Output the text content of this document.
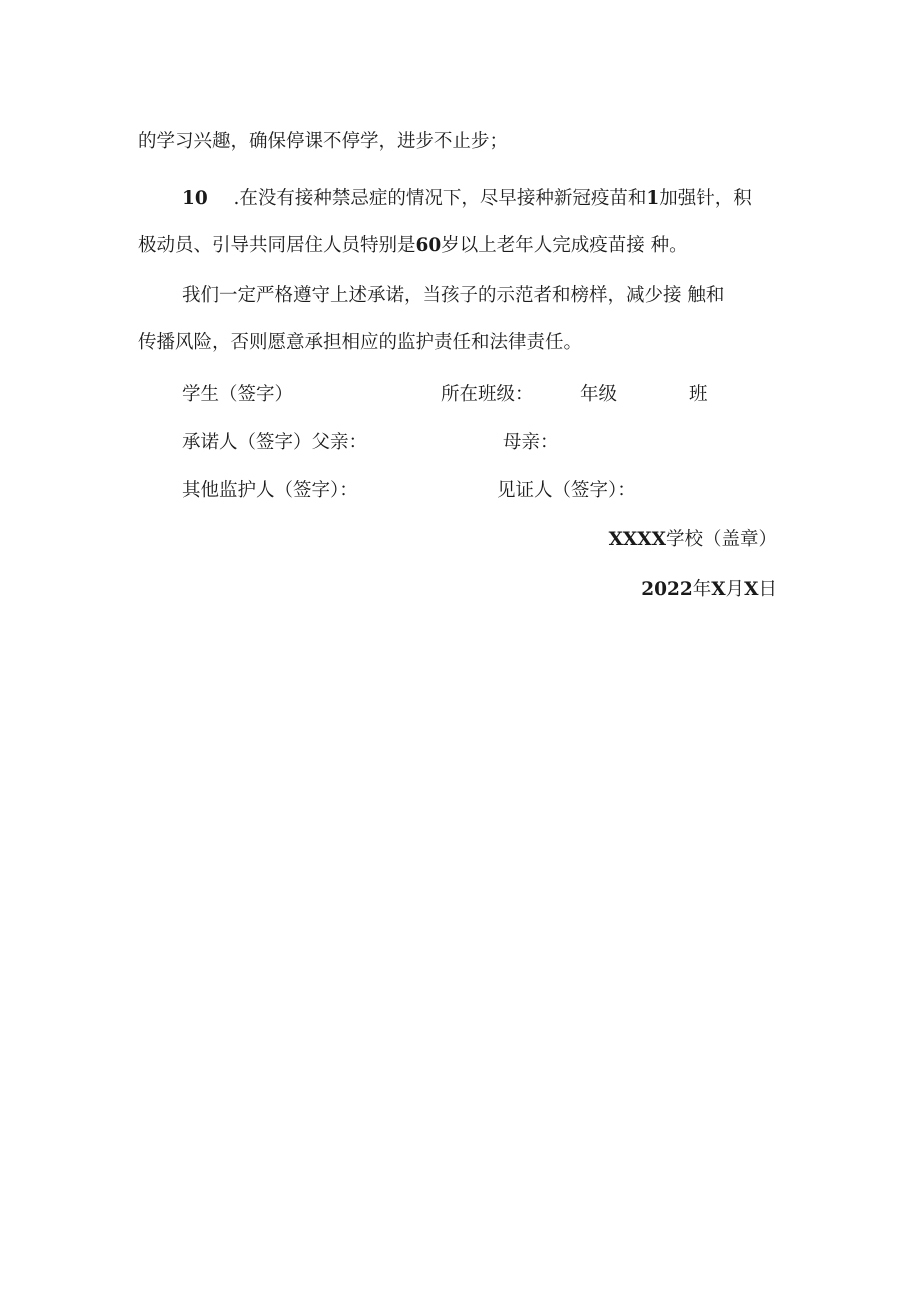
的学习兴趣，确保停课不停学，进步不止步；
10 .在没有接种禁忌症的情况下，尽早接种新冠疫苗和1加强针，积
极动员、引导共同居住人员特别是60岁以上老年人完成疫苗接 种。
我们一定严格遵守上述承诺，当孩子的示范者和榜样，减少接 触和
传播风险，否则愿意承担相应的监护责任和法律责任。
学生（签字）	所在班级：	年级	班
承诺人（签字）父亲：	母亲：
其他监护人（签字）：	见证人（签字）：
XXXX学校（盖章）
2022年X月X日
